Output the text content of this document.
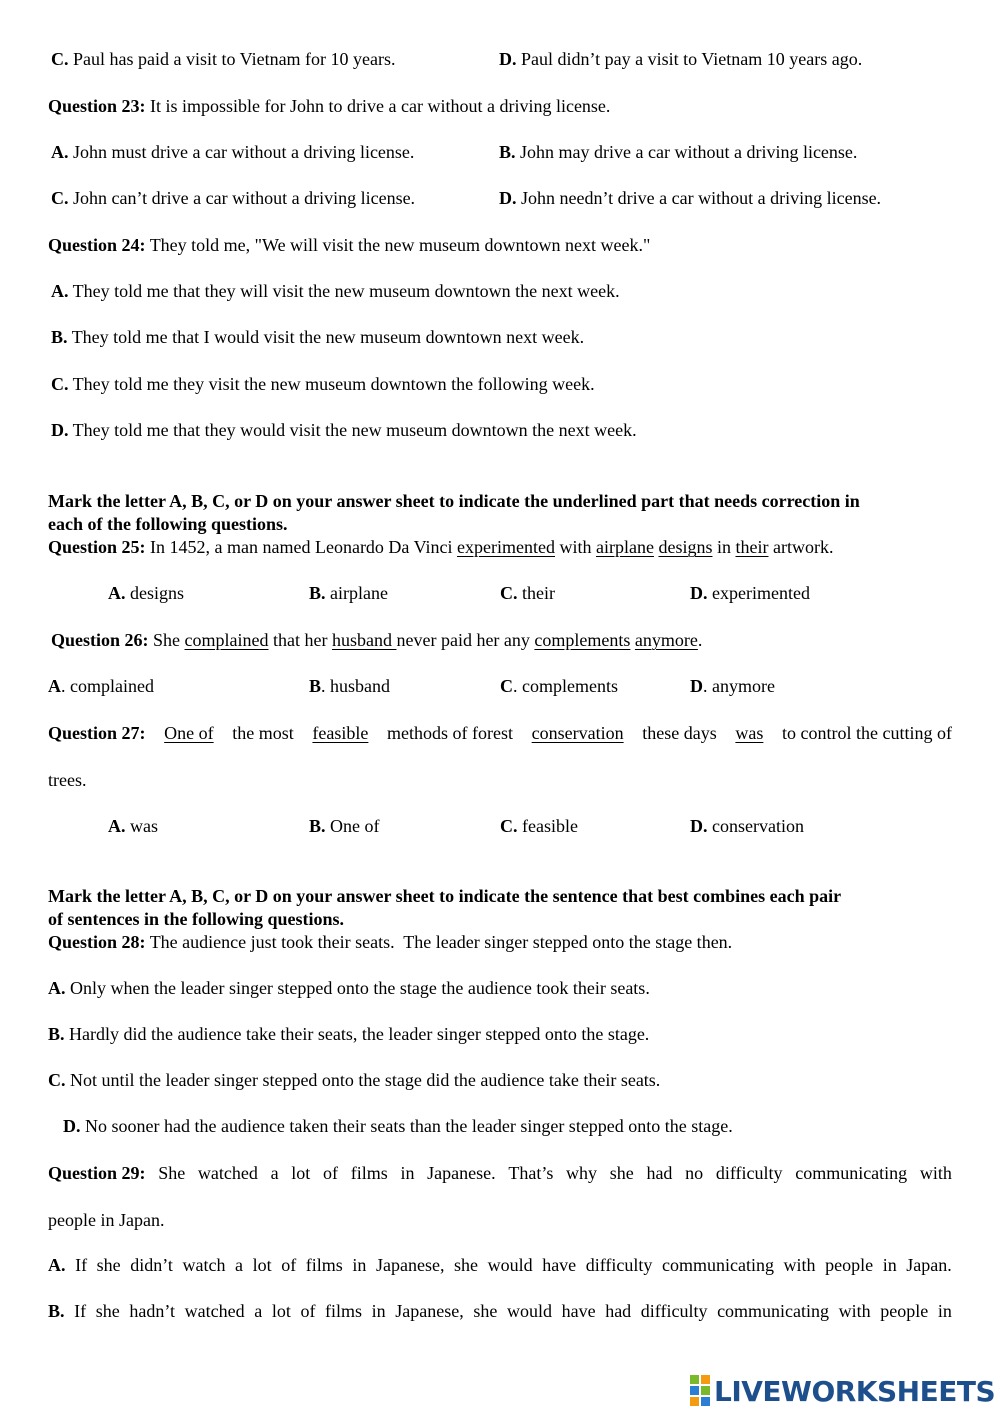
C. Paul has paid a visit to Vietnam for 10 years.	D. Paul didn’t pay a visit to Vietnam 10 years ago.
Question 23: It is impossible for John to drive a car without a driving license.
A. John must drive a car without a driving license.	B. John may drive a car without a driving license.
C. John can’t drive a car without a driving license.	D. John needn’t drive a car without a driving license.
Question 24: They told me, "We will visit the new museum downtown next week."
A. They told me that they will visit the new museum downtown the next week.
B. They told me that I would visit the new museum downtown next week.
C. They told me they visit the new museum downtown the following week.
D. They told me that they would visit the new museum downtown the next week.
Mark the letter A, B, C, or D on your answer sheet to indicate the underlined part that needs correction in
each of the following questions.
Question 25: In 1452, a man named Leonardo Da Vinci experimented with airplane designs in their artwork.
A. designs	B. airplane	C. their	D. experimented
Question 26: She complained that her husband never paid her any complements anymore.
A. complained	B. husband	C. complements	D. anymore
Question 27: One of the most feasible methods of forest conservation these days was to control the cutting of
trees.
A. was	B. One of	C. feasible	D. conservation
Mark the letter A, B, C, or D on your answer sheet to indicate the sentence that best combines each pair
of sentences in the following questions.
Question 28: The audience just took their seats.  The leader singer stepped onto the stage then.
A. Only when the leader singer stepped onto the stage the audience took their seats.
B. Hardly did the audience take their seats, the leader singer stepped onto the stage.
C. Not until the leader singer stepped onto the stage did the audience take their seats.
D. No sooner had the audience taken their seats than the leader singer stepped onto the stage.
Question 29: She watched a lot of films in Japanese. That’s why she had no difficulty communicating with
people in Japan.
A. If she didn’t watch a lot of films in Japanese, she would have difficulty communicating with people in Japan.
B. If she hadn’t watched a lot of films in Japanese, she would have had difficulty communicating with people in
LIVEWORKSHEETS
